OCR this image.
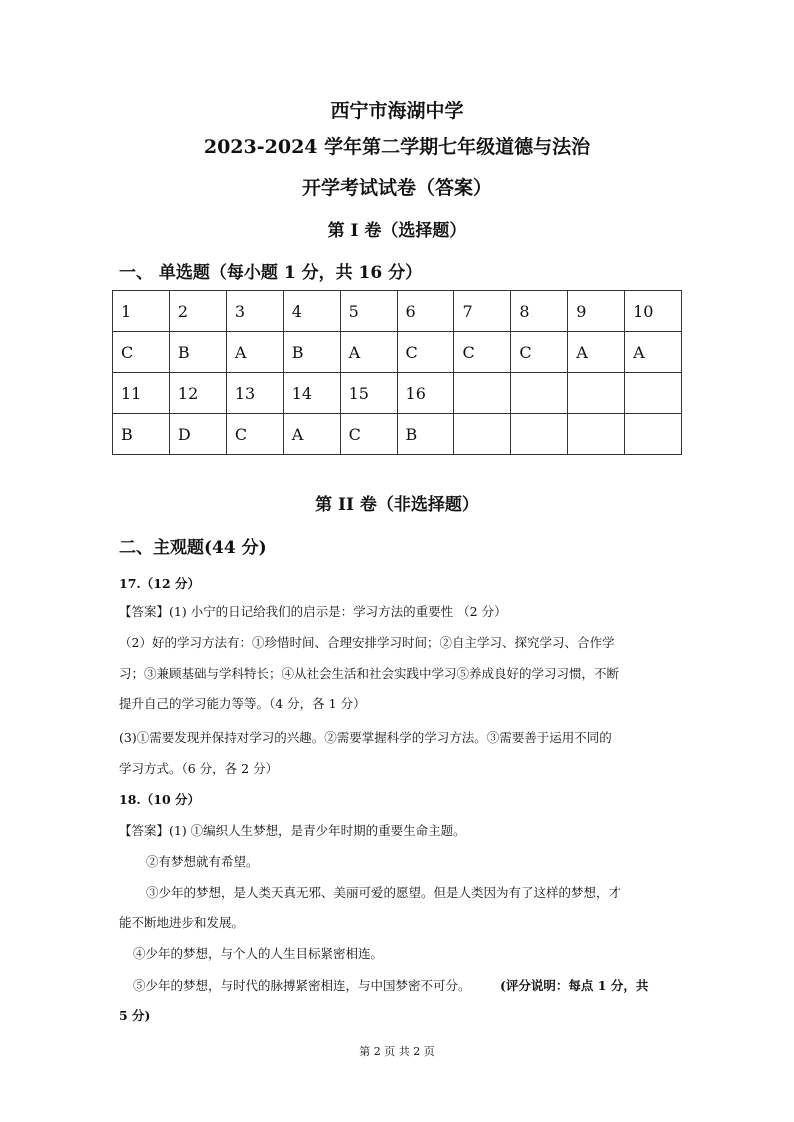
西宁市海湖中学
2023-2024 学年第二学期七年级道德与法治
开学考试试卷（答案）
第 I 卷（选择题）
一、 单选题（每小题 1 分，共 16 分）
1	2	3	4	5	6	7	8	9	10
C	B	A	B	A	C	C	C	A	A
11	12	13	14	15	16				
B	D	C	A	C	B				
第 II 卷（非选择题）
二、主观题(44 分)
17.（12 分）
【答案】(1) 小宁的日记给我们的启示是：学习方法的重要性 （2 分）
（2）好的学习方法有：①珍惜时间、合理安排学习时间；②自主学习、探究学习、合作学
习；③兼顾基础与学科特长；④从社会生活和社会实践中学习⑤养成良好的学习习惯，不断
提升自己的学习能力等等。（4 分，各 1 分）
(3)①需要发现并保持对学习的兴趣。②需要掌握科学的学习方法。③需要善于运用不同的
学习方式。（6 分，各 2 分）
18.（10 分）
【答案】(1) ①编织人生梦想，是青少年时期的重要生命主题。
②有梦想就有希望。
③少年的梦想，是人类天真无邪、美丽可爱的愿望。但是人类因为有了这样的梦想，才
能不断地进步和发展。
④少年的梦想，与个人的人生目标紧密相连。
⑤少年的梦想，与时代的脉搏紧密相连，与中国梦密不可分。 (评分说明：每点 1 分，共
5 分)
第 2 页 共 2 页
